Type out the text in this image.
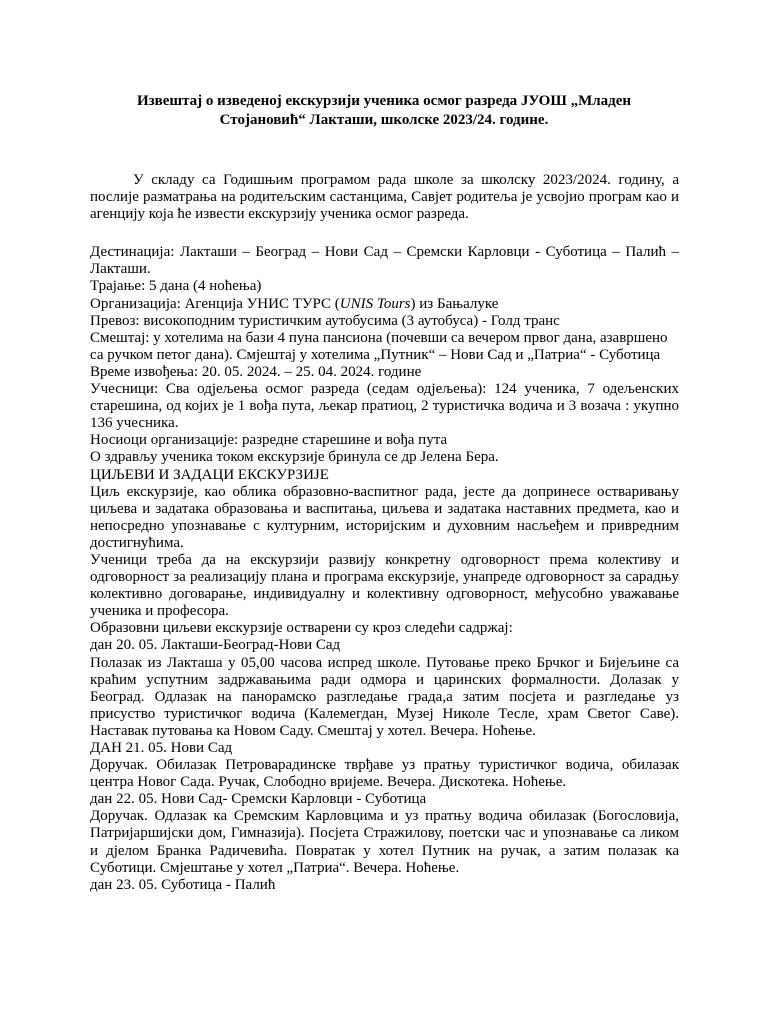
Извештај о изведеној екскурзији ученика осмог разреда ЈУОШ „Младен
Стојановић“ Лакташи, школске 2023/24. године.

У складу са Годишњим програмом рада школе за школску 2023/2024. годину, а послије разматрања на родитељским састанцима, Савјет родитеља је усвојио програм као и агенцију која ће извести екскурзију ученика осмог разреда.

Дестинација: Лакташи – Београд – Нови Сад – Сремски Карловци - Суботица – Палић –
Лакташи.
Трајање: 5 дана (4 ноћења)
Организација: Агенција УНИС ТУРС (UNIS Tours) из Бањалуке
Превоз: високоподним туристичким аутобусима (3 аутобуса) - Голд транс
Смештај: у хотелима на бази 4 пуна пансиона (почевши са вечером првог дана, азавршено
са ручком петог дана). Смјештај у хотелима „Путник“ – Нови Сад и „Патриа“ - Суботица
Време извођења: 20. 05. 2024. – 25. 04. 2024. године

Учесници: Сва одјељења осмог разреда (седам одјељења): 124 ученика, 7 одељенских старешина, од којих је 1 вођа пута, љекар пратиоц, 2 туристичка водича и 3 возача : укупно 136 учесника.

Носиоци организације: разредне старешине и вођа пута
О здрављу ученика током екскурзије бринула се др Јелена Бера.
ЦИЉЕВИ И ЗАДАЦИ ЕКСКУРЗИЈЕ

Циљ екскурзије, као облика образовно-васпитног рада, јесте да допринесе остваривању циљева и задатака образовања и васпитања, циљева и задатака наставних предмета, као и непосредно упознавање с културним, историјским и духовним насљеђем и привредним достигнућима.

Ученици треба да на екскурзији развију конкретну одговорност према колективу и одговорност за реализацију плана и програма екскурзије, унапреде одговорност за сарадњу колективно договарање, индивидуалну и колективну одговорност, међусобно уважавање ученика и професора.

Образовни циљеви екскурзије остварени су кроз следећи садржај:
дан 20. 05. Лакташи-Београд-Нови Сад

Полазак из Лакташа у 05,00 часова испред школе. Путовање преко Брчког и Бијељине са краћим успутним задржавањима ради одмора и царинских формалности. Долазак у Београд. Одлазак на панорамско разгледање града,а затим посјета и разгледање уз присуство туристичког водича (Калемегдан, Музеј Николе Тесле, храм Светог Саве). Наставак путовања ка Новом Саду. Смештај у хотел. Вечера. Ноћење.

ДАН 21. 05. Нови Сад

Доручак. Обилазак Петроварадинске тврђаве уз пратњу туристичког водича, обилазак центра Новог Сада. Ручак, Слободно вријеме. Вечера. Дискотека. Ноћење.

дан 22. 05. Нови Сад- Сремски Карловци - Суботица

Доручак. Одлазак ка Сремским Карловцима и уз пратњу водича обилазак (Богословија, Патријаршијски дом, Гимназија). Посјета Стражилову, поетски час и упознавање са ликом и дјелом Бранка Радичевића. Повратак у хотел Путник на ручак, а затим полазак ка Суботици. Смјештање у хотел „Патриа“. Вечера. Ноћење.

дан 23. 05. Суботица - Палић
